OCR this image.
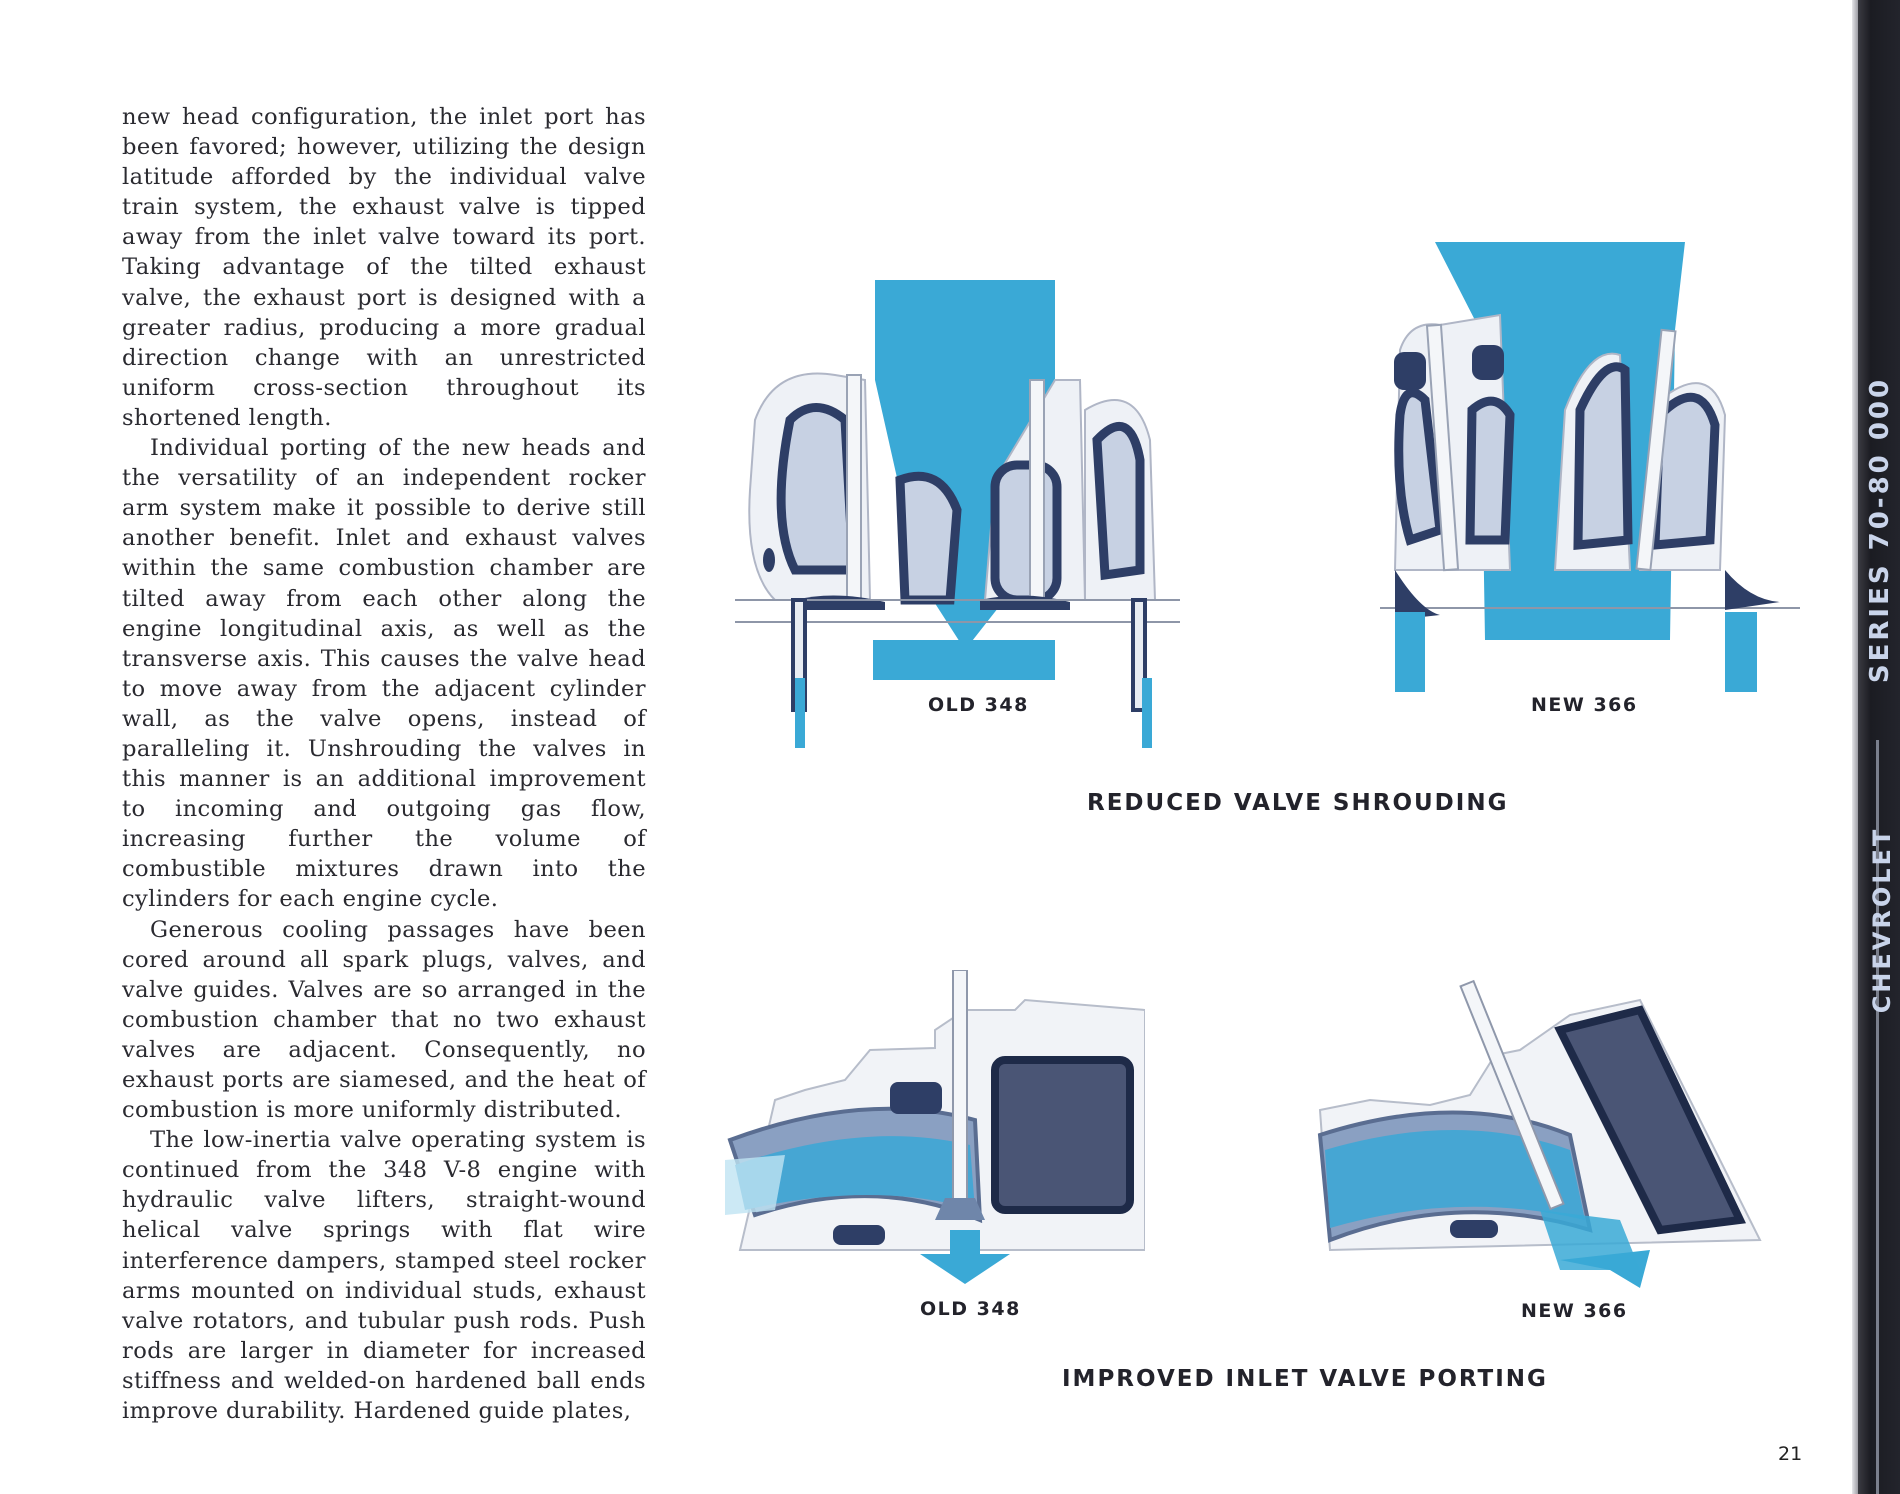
new head configuration, the inlet port has been favored; however, utilizing the design latitude afforded by the individual valve train system, the exhaust valve is tipped away from the inlet valve toward its port. Taking advantage of the tilted exhaust valve, the exhaust port is designed with a greater radius, producing a more gradual direction change with an unrestricted uniform cross-section throughout its shortened length.

Individual porting of the new heads and the versatility of an independent rocker arm system make it possible to derive still another benefit. Inlet and exhaust valves within the same combustion chamber are tilted away from each other along the engine longitudinal axis, as well as the transverse axis. This causes the valve head to move away from the adjacent cylinder wall, as the valve opens, instead of paralleling it. Unshrouding the valves in this manner is an additional improvement to incoming and outgoing gas flow, increasing further the volume of combustible mixtures drawn into the cylinders for each engine cycle.

Generous cooling passages have been cored around all spark plugs, valves, and valve guides. Valves are so arranged in the combustion chamber that no two exhaust valves are adjacent. Consequently, no exhaust ports are siamesed, and the heat of combustion is more uniformly distributed.

The low-inertia valve operating system is continued from the 348 V-8 engine with hydraulic valve lifters, straight-wound helical valve springs with flat wire interference dampers, stamped steel rocker arms mounted on individual studs, exhaust valve rotators, and tubular push rods. Push rods are larger in diameter for increased stiffness and welded-on hardened ball ends improve durability. Hardened guide plates,

OLD 348	NEW 366
REDUCED VALVE SHROUDING
OLD 348	NEW 366
IMPROVED INLET VALVE PORTING
21
SERIES 70-80 000
CHEVROLET
